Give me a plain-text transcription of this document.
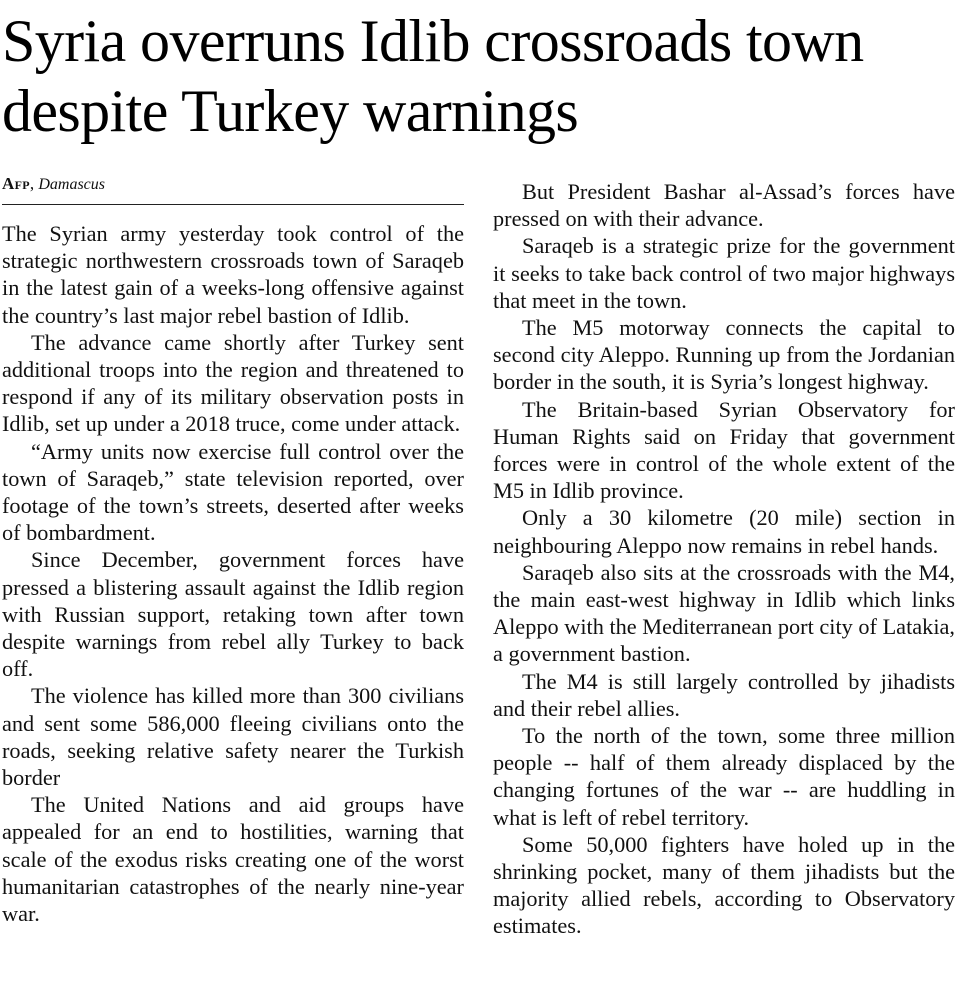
Syria overruns Idlib crossroads town despite Turkey warnings
Afp, Damascus

The Syrian army yesterday took control of the strategic northwestern crossroads town of Saraqeb in the latest gain of a weeks-long offensive against the country’s last major rebel bastion of Idlib.

The advance came shortly after Turkey sent additional troops into the region and threatened to respond if any of its military observation posts in Idlib, set up under a 2018 truce, come under attack.

“Army units now exercise full control over the town of Saraqeb,” state television reported, over footage of the town’s streets, deserted after weeks of bombardment.

Since December, government forces have pressed a blistering assault against the Idlib region with Russian support, retaking town after town despite warnings from rebel ally Turkey to back off.

The violence has killed more than 300 civilians and sent some 586,000 fleeing civilians onto the roads, seeking relative safety nearer the Turkish border

The United Nations and aid groups have appealed for an end to hostilities, warning that scale of the exodus risks creating one of the worst humanitarian catastrophes of the nearly nine-year war.

But President Bashar al-Assad’s forces have pressed on with their advance.

Saraqeb is a strategic prize for the government it seeks to take back control of two major highways that meet in the town.

The M5 motorway connects the capital to second city Aleppo. Running up from the Jordanian border in the south, it is Syria’s longest highway.

The Britain-based Syrian Observatory for Human Rights said on Friday that government forces were in control of the whole extent of the M5 in Idlib province.

Only a 30 kilometre (20 mile) section in neighbouring Aleppo now remains in rebel hands.

Saraqeb also sits at the crossroads with the M4, the main east-west highway in Idlib which links Aleppo with the Mediterranean port city of Latakia, a government bastion.

The M4 is still largely controlled by jihadists and their rebel allies.

To the north of the town, some three million people -- half of them already displaced by the changing fortunes of the war -- are huddling in what is left of rebel territory.

Some 50,000 fighters have holed up in the shrinking pocket, many of them jihadists but the majority allied rebels, according to Observatory estimates.
